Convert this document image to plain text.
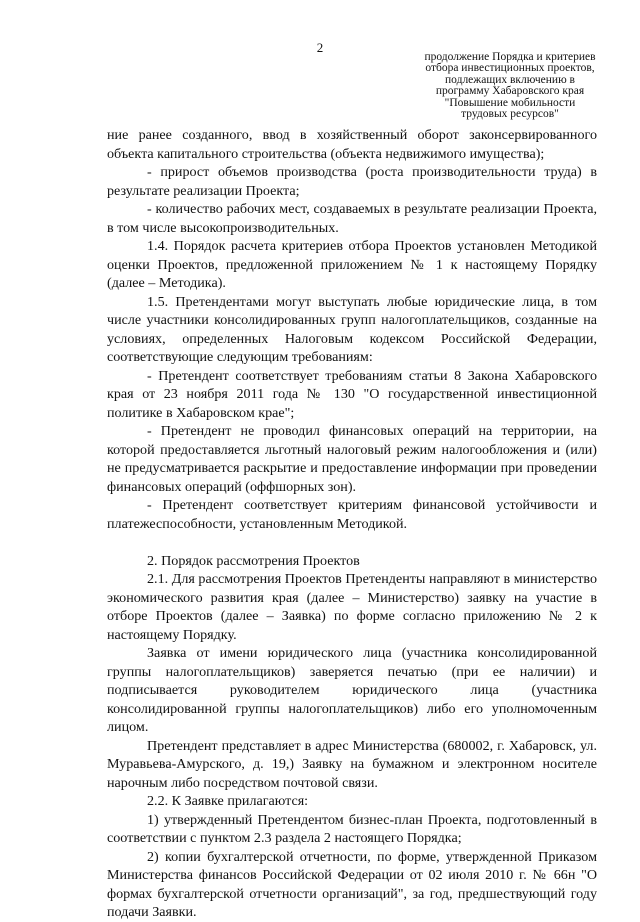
2
продолжение Порядка и критериев
отбора инвестиционных проектов,
подлежащих включению в
программу Хабаровского края
"Повышение мобильности
трудовых ресурсов"

ние ранее созданного, ввод в хозяйственный оборот законсервированного объекта капитального строительства (объекта недвижимого имущества);

- прирост объемов производства (роста производительности труда) в результате реализации Проекта;

- количество рабочих мест, создаваемых в результате реализации Проекта, в том числе высокопроизводительных.

1.4. Порядок расчета критериев отбора Проектов установлен Методикой оценки Проектов, предложенной приложением № 1 к настоящему Порядку (далее – Методика).

1.5. Претендентами могут выступать любые юридические лица, в том числе участники консолидированных групп налогоплательщиков, созданные на условиях, определенных Налоговым кодексом Российской Федерации, соответствующие следующим требованиям:

- Претендент соответствует требованиям статьи 8 Закона Хабаровского края от 23 ноября 2011 года № 130 "О государственной инвестиционной политике в Хабаровском крае";

- Претендент не проводил финансовых операций на территории, на которой предоставляется льготный налоговый режим налогообложения и (или) не предусматривается раскрытие и предоставление информации при проведении финансовых операций (оффшорных зон).

- Претендент соответствует критериям финансовой устойчивости и платежеспособности, установленным Методикой.

2. Порядок рассмотрения Проектов

2.1. Для рассмотрения Проектов Претенденты направляют в министерство экономического развития края (далее – Министерство) заявку на участие в отборе Проектов (далее – Заявка) по форме согласно приложению № 2 к настоящему Порядку.

Заявка от имени юридического лица (участника консолидированной группы налогоплательщиков) заверяется печатью (при ее наличии) и подписывается руководителем юридического лица (участника консолидированной группы налогоплательщиков) либо его уполномоченным лицом.

Претендент представляет в адрес Министерства (680002, г. Хабаровск, ул. Муравьева-Амурского, д. 19,) Заявку на бумажном и электронном носителе нарочным либо посредством почтовой связи.

2.2. К Заявке прилагаются:

1) утвержденный Претендентом бизнес-план Проекта, подготовленный в соответствии с пунктом 2.3 раздела 2 настоящего Порядка;

2) копии бухгалтерской отчетности, по форме, утвержденной Приказом Министерства финансов Российской Федерации от 02 июля 2010 г. № 66н "О формах бухгалтерской отчетности организаций", за год, предшествующий году подачи Заявки.
